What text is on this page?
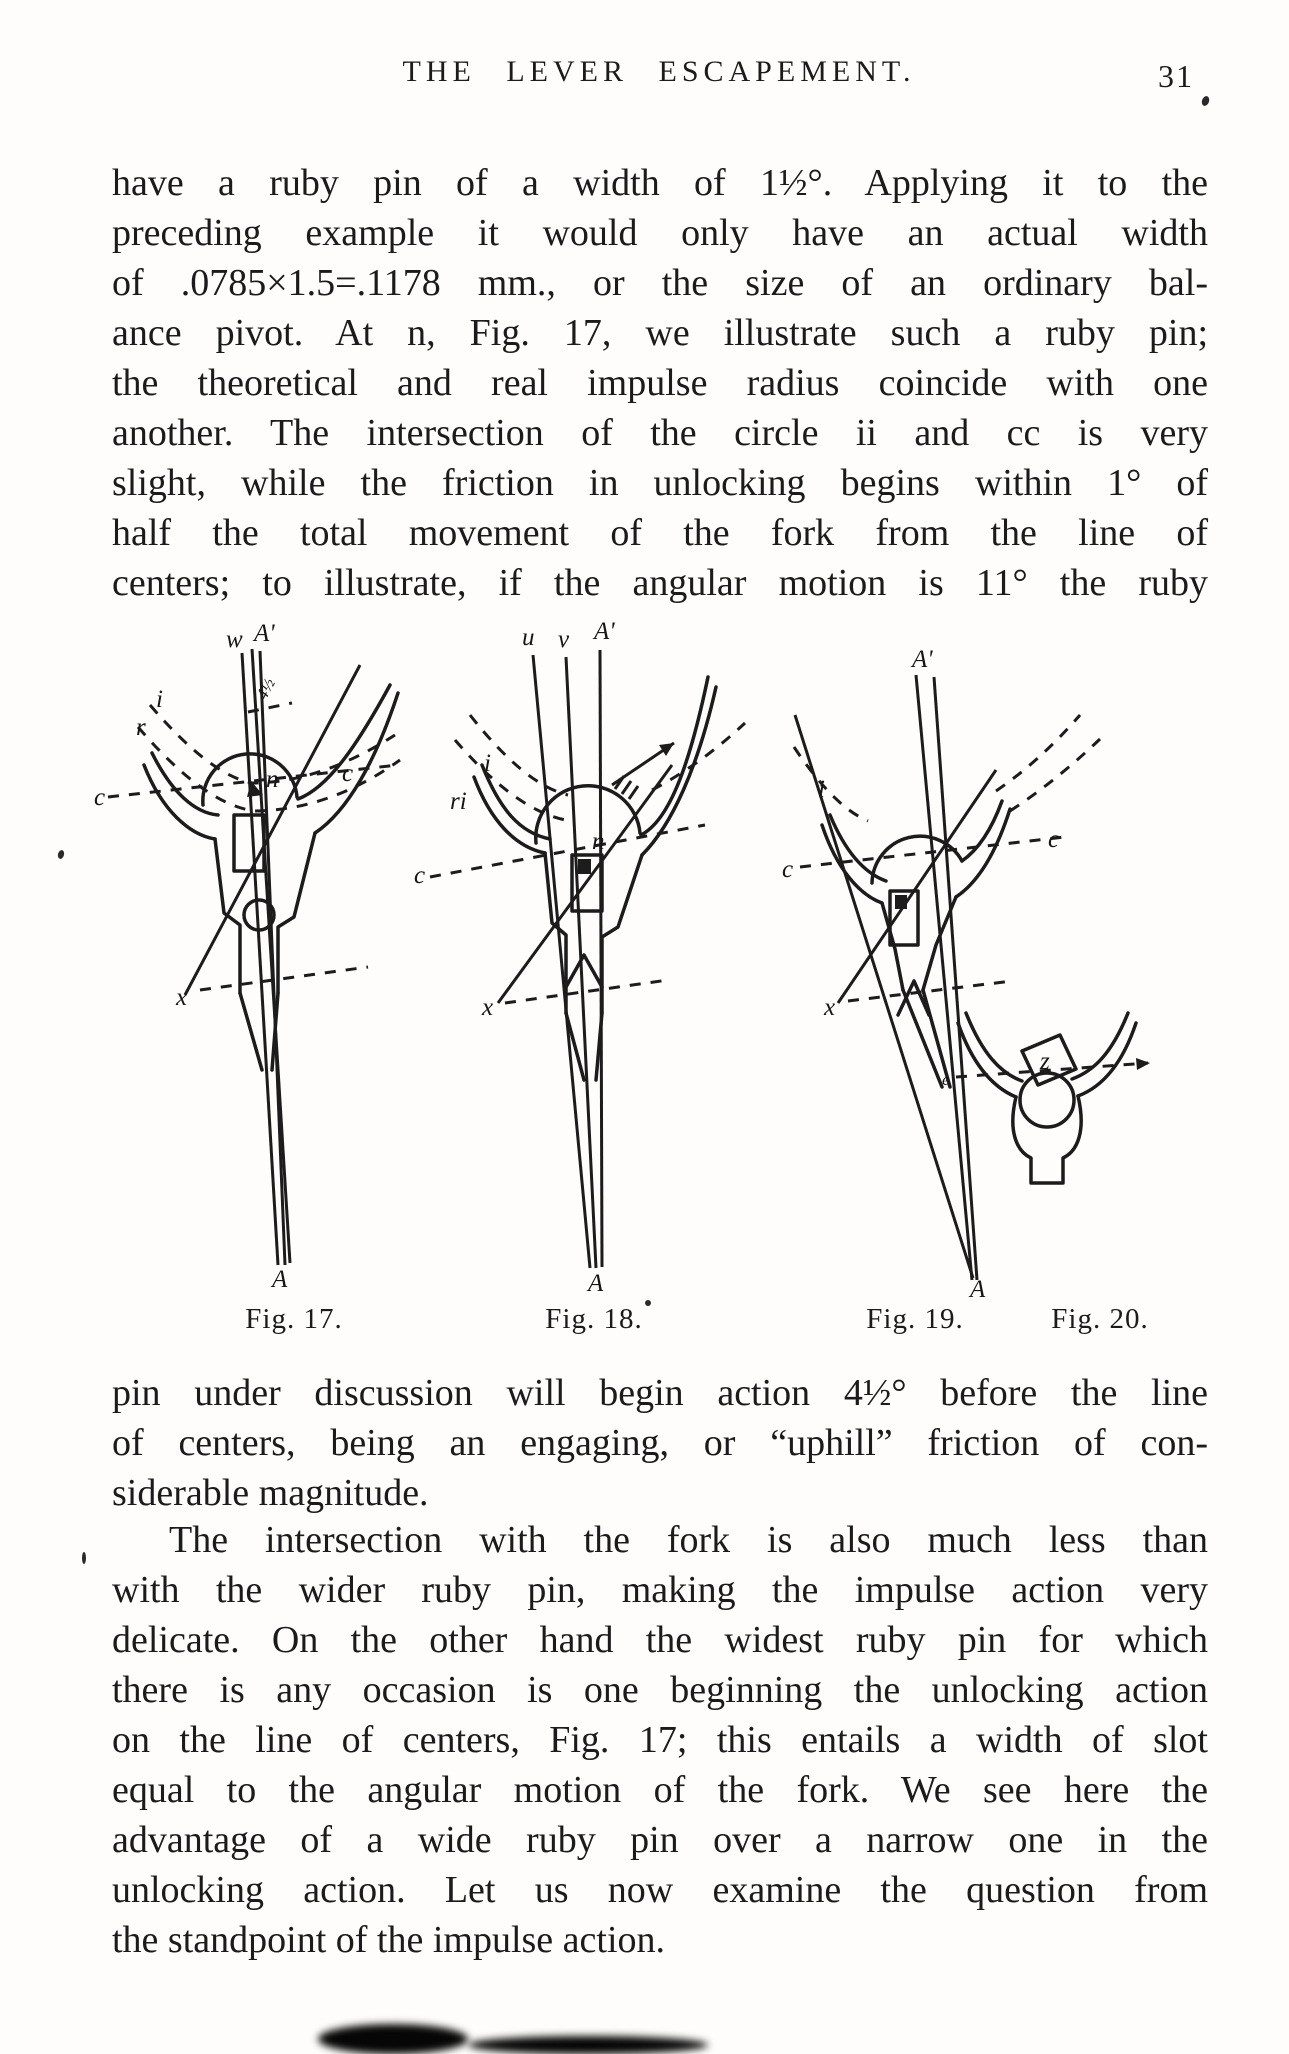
THE LEVER ESCAPEMENT.	31
have a ruby pin of a width of 1½°. Applying it to the
preceding example it would only have an actual width
of .0785×1.5=.1178 mm., or the size of an ordinary bal-
ance pivot. At n, Fig. 17, we illustrate such a ruby pin;
the theoretical and real impulse radius coincide with one
another. The intersection of the circle ii and cc is very
slight, while the friction in unlocking begins within 1° of
half the total movement of the fork from the line of
centers; to illustrate, if the angular motion is 11° the ruby
w A'
4½
i
r
c
n	c
x
A
u v A'
i
ri
c
n
x
A
A'
i
c
c
x
A
z
e
Fig. 17.	Fig. 18.	Fig. 19.	Fig. 20.
pin under discussion will begin action 4½° before the line
of centers, being an engaging, or “uphill” friction of con-
siderable magnitude.
The intersection with the fork is also much less than
with the wider ruby pin, making the impulse action very
delicate. On the other hand the widest ruby pin for which
there is any occasion is one beginning the unlocking action
on the line of centers, Fig. 17; this entails a width of slot
equal to the angular motion of the fork. We see here the
advantage of a wide ruby pin over a narrow one in the
unlocking action. Let us now examine the question from
the standpoint of the impulse action.
